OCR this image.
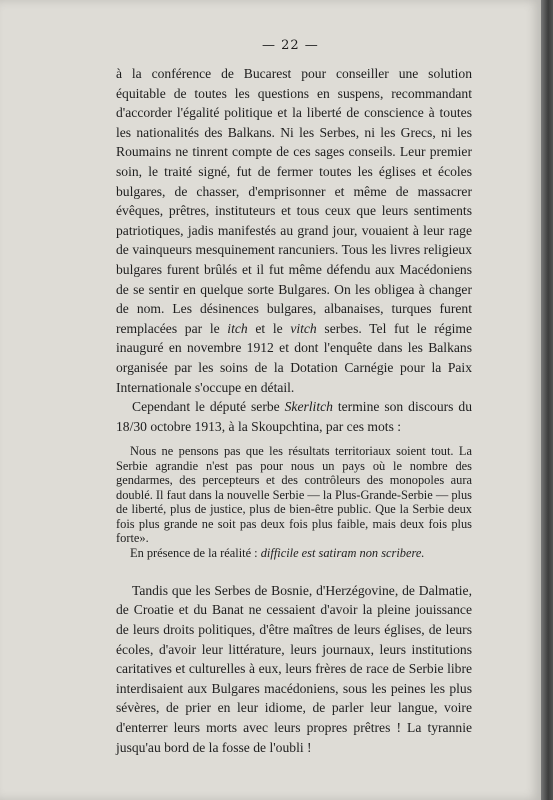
— 22 —

à la conférence de Bucarest pour conseiller une solution équitable de toutes les questions en suspens, recommandant d'accorder l'égalité politique et la liberté de conscience à toutes les nationalités des Balkans. Ni les Serbes, ni les Grecs, ni les Roumains ne tinrent compte de ces sages conseils. Leur premier soin, le traité signé, fut de fermer toutes les églises et écoles bulgares, de chasser, d'emprisonner et même de massacrer évêques, prêtres, instituteurs et tous ceux que leurs sentiments patriotiques, jadis manifestés au grand jour, vouaient à leur rage de vainqueurs mesquinement rancuniers. Tous les livres religieux bulgares furent brûlés et il fut même défendu aux Macédoniens de se sentir en quelque sorte Bulgares. On les obligea à changer de nom. Les désinences bulgares, albanaises, turques furent remplacées par le itch et le vitch serbes. Tel fut le régime inauguré en novembre 1912 et dont l'enquête dans les Balkans organisée par les soins de la Dotation Carnégie pour la Paix Internationale s'occupe en détail.

Cependant le député serbe Skerlitch termine son discours du 18/30 octobre 1913, à la Skoupchtina, par ces mots :

Nous ne pensons pas que les résultats territoriaux soient tout. La Serbie agrandie n'est pas pour nous un pays où le nombre des gendarmes, des percepteurs et des contrôleurs des monopoles aura doublé. Il faut dans la nouvelle Serbie — la Plus-Grande-Serbie — plus de liberté, plus de justice, plus de bien-être public. Que la Serbie deux fois plus grande ne soit pas deux fois plus faible, mais deux fois plus forte».

En présence de la réalité : difficile est satiram non scribere.

Tandis que les Serbes de Bosnie, d'Herzégovine, de Dalmatie, de Croatie et du Banat ne cessaient d'avoir la pleine jouissance de leurs droits politiques, d'être maîtres de leurs églises, de leurs écoles, d'avoir leur littérature, leurs journaux, leurs institutions caritatives et culturelles à eux, leurs frères de race de Serbie libre interdisaient aux Bulgares macédoniens, sous les peines les plus sévères, de prier en leur idiome, de parler leur langue, voire d'enterrer leurs morts avec leurs propres prêtres ! La tyrannie jusqu'au bord de la fosse de l'oubli !
